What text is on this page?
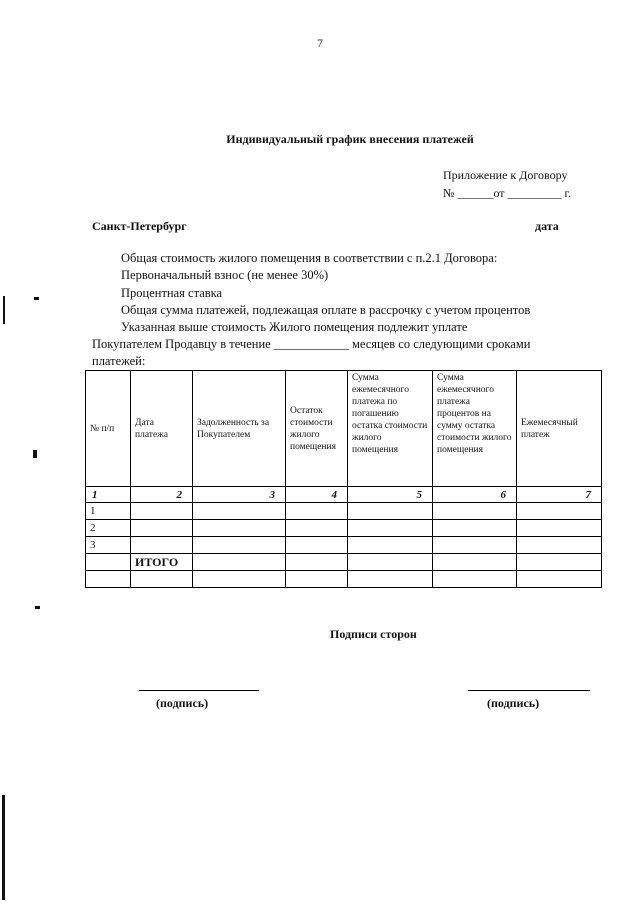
7
Индивидуальный график внесения платежей
Приложение к Договору
№ ______от _________ г.
Санкт-Петербург	дата
Общая стоимость жилого помещения в соответствии с п.2.1 Договора:
Первоначальный взнос (не менее 30%)
Процентная ставка
Общая сумма платежей, подлежащая оплате в рассрочку с учетом процентов
Указанная выше стоимость Жилого помещения подлежит уплате
Покупателем Продавцу в течение ____________ месяцев со следующими сроками
платежей:
№ п/п	Дата платежа	Задолженность за Покупателем	Остаток стоимости жилого помещения	Сумма ежемесячного платежа по погашению остатка стоимости жилого помещения	Сумма ежемесячного платежа процентов на сумму остатка стоимости жилого помещения	Ежемесячный платеж
1	2	3	4	5	6	7
1						
2						
3						
	ИТОГО					

Подписи сторон
(подпись)	(подпись)
